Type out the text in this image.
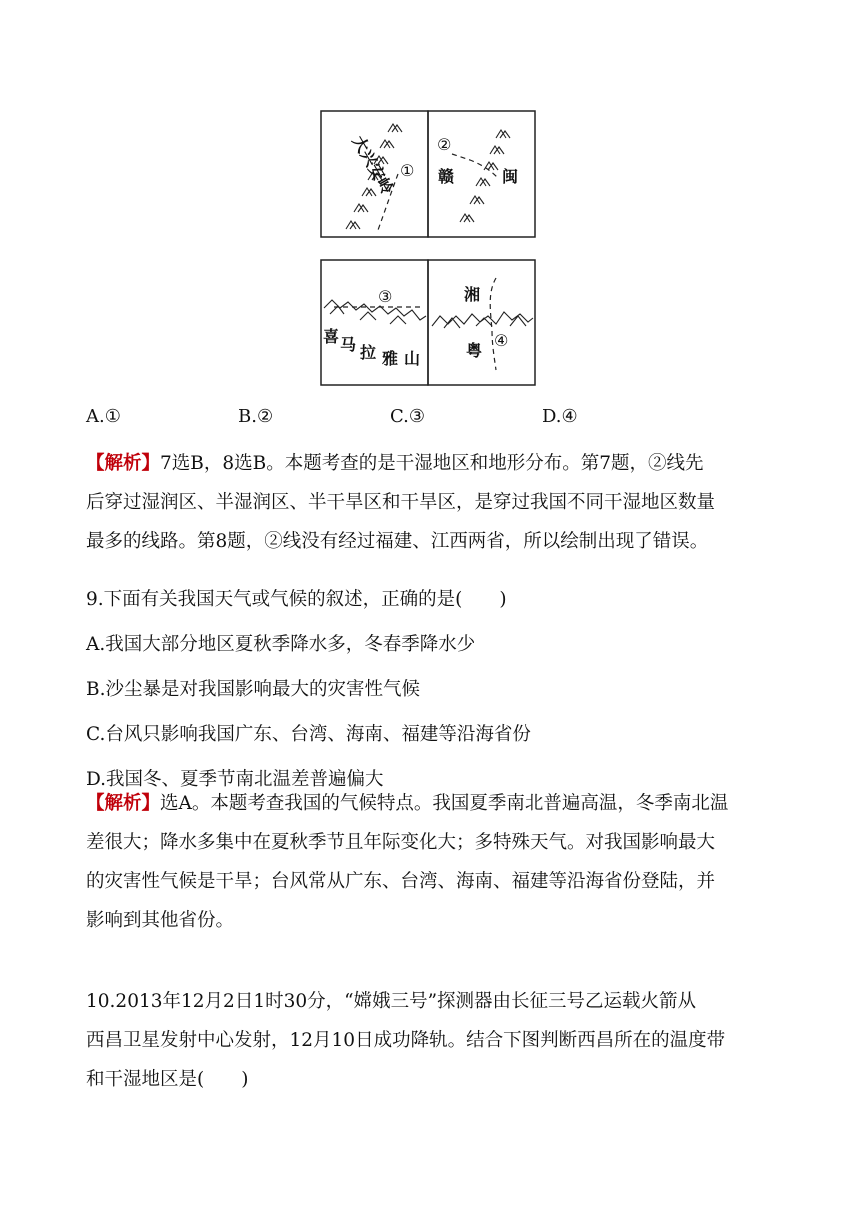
①
大兴安岭	②
赣	闽
③
喜 马 拉 雅 山
湘
粤
④
A.①	B.②	C.③	D.④
【解析】7选B，8选B。本题考查的是干湿地区和地形分布。第7题，②线先
后穿过湿润区、半湿润区、半干旱区和干旱区，是穿过我国不同干湿地区数量
最多的线路。第8题，②线没有经过福建、江西两省，所以绘制出现了错误。
9.下面有关我国天气或气候的叙述，正确的是(　　)
A.我国大部分地区夏秋季降水多，冬春季降水少
B.沙尘暴是对我国影响最大的灾害性气候
C.台风只影响我国广东、台湾、海南、福建等沿海省份
D.我国冬、夏季节南北温差普遍偏大
【解析】选A。本题考查我国的气候特点。我国夏季南北普遍高温，冬季南北温
差很大；降水多集中在夏秋季节且年际变化大；多特殊天气。对我国影响最大
的灾害性气候是干旱；台风常从广东、台湾、海南、福建等沿海省份登陆，并
影响到其他省份。
10.2013年12月2日1时30分，“嫦娥三号”探测器由长征三号乙运载火箭从
西昌卫星发射中心发射，12月10日成功降轨。结合下图判断西昌所在的温度带
和干湿地区是(　　)
